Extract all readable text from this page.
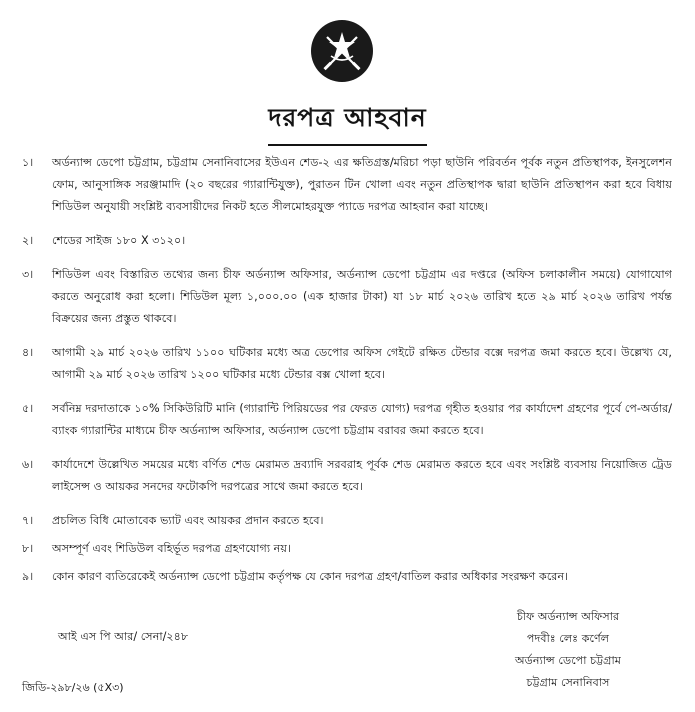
দরপত্র আহবান
১।	অর্ডন্যান্স ডেপো চট্টগ্রাম, চট্টগ্রাম সেনানিবাসের ইউএন শেড-২ এর ক্ষতিগ্রস্ত/মরিচা পড়া ছাউনি পরিবর্তন পূর্বক নতুন প্রতিস্থাপক, ইনসুলেশন ফোম, আনুসাঙ্গিক সরঞ্জামাদি (২০ বছরের গ্যারান্টিযুক্ত), পুরাতন টিন খোলা এবং নতুন প্রতিস্থাপক দ্বারা ছাউনি প্রতিস্থাপন করা হবে বিধায় শিডিউল অনুযায়ী সংশ্লিষ্ট ব্যবসায়ীদের নিকট হতে সীলমোহরযুক্ত প্যাডে দরপত্র আহবান করা যাচ্ছে।
২।	শেডের সাইজ ১৮০ X ৩১২০।
৩।	শিডিউল এবং বিস্তারিত তথ্যের জন্য চীফ অর্ডন্যান্স অফিসার, অর্ডন্যান্স ডেপো চট্টগ্রাম এর দপ্তরে (অফিস চলাকালীন সময়ে) যোগাযোগ করতে অনুরোধ করা হলো। শিডিউল মূল্য ১,০০০.০০ (এক হাজার টাকা) যা ১৮ মার্চ ২০২৬ তারিখ হতে ২৯ মার্চ ২০২৬ তারিখ পর্যন্ত বিক্রয়ের জন্য প্রস্তুত থাকবে।
৪।	আগামী ২৯ মার্চ ২০২৬ তারিখ ১১০০ ঘটিকার মধ্যে অত্র ডেপোর অফিস গেইটে রক্ষিত টেন্ডার বক্সে দরপত্র জমা করতে হবে। উল্লেখ্য যে, আগামী ২৯ মার্চ ২০২৬ তারিখ ১২০০ ঘটিকার মধ্যে টেন্ডার বক্স খোলা হবে।
৫।	সর্বনিম্ন দরদাতাকে ১০% সিকিউরিটি মানি (গ্যারান্টি পিরিয়ডের পর ফেরত যোগ্য) দরপত্র গৃহীত হওয়ার পর কার্যাদেশ গ্রহণের পূর্বে পে-অর্ডার/ব্যাংক গ্যারান্টির মাধ্যমে চীফ অর্ডন্যান্স অফিসার, অর্ডন্যান্স ডেপো চট্টগ্রাম বরাবর জমা করতে হবে।
৬।	কার্যাদেশে উল্লেখিত সময়ের মধ্যে বর্ণিত শেড মেরামত দ্রব্যাদি সরবরাহ পূর্বক শেড মেরামত করতে হবে এবং সংশ্লিষ্ট ব্যবসায় নিয়োজিত ট্রেড লাইসেন্স ও আয়কর সনদের ফটোকপি দরপত্রের সাথে জমা করতে হবে।
৭।	প্রচলিত বিধি মোতাবেক ভ্যাট এবং আয়কর প্রদান করতে হবে।
৮।	অসম্পূর্ণ এবং শিডিউল বহির্ভূত দরপত্র গ্রহণযোগ্য নয়।
৯।	কোন কারণ ব্যতিরেকেই অর্ডন্যান্স ডেপো চট্টগ্রাম কর্তৃপক্ষ যে কোন দরপত্র গ্রহণ/বাতিল করার অধিকার সংরক্ষণ করেন।
আই এস পি আর/ সেনা/২৪৮
চীফ অর্ডন্যান্স অফিসার
পদবীঃ লেঃ কর্ণেল
অর্ডন্যান্স ডেপো চট্টগ্রাম
চট্টগ্রাম সেনানিবাস
জিডি-২৯৮/২৬ (৫X৩)
